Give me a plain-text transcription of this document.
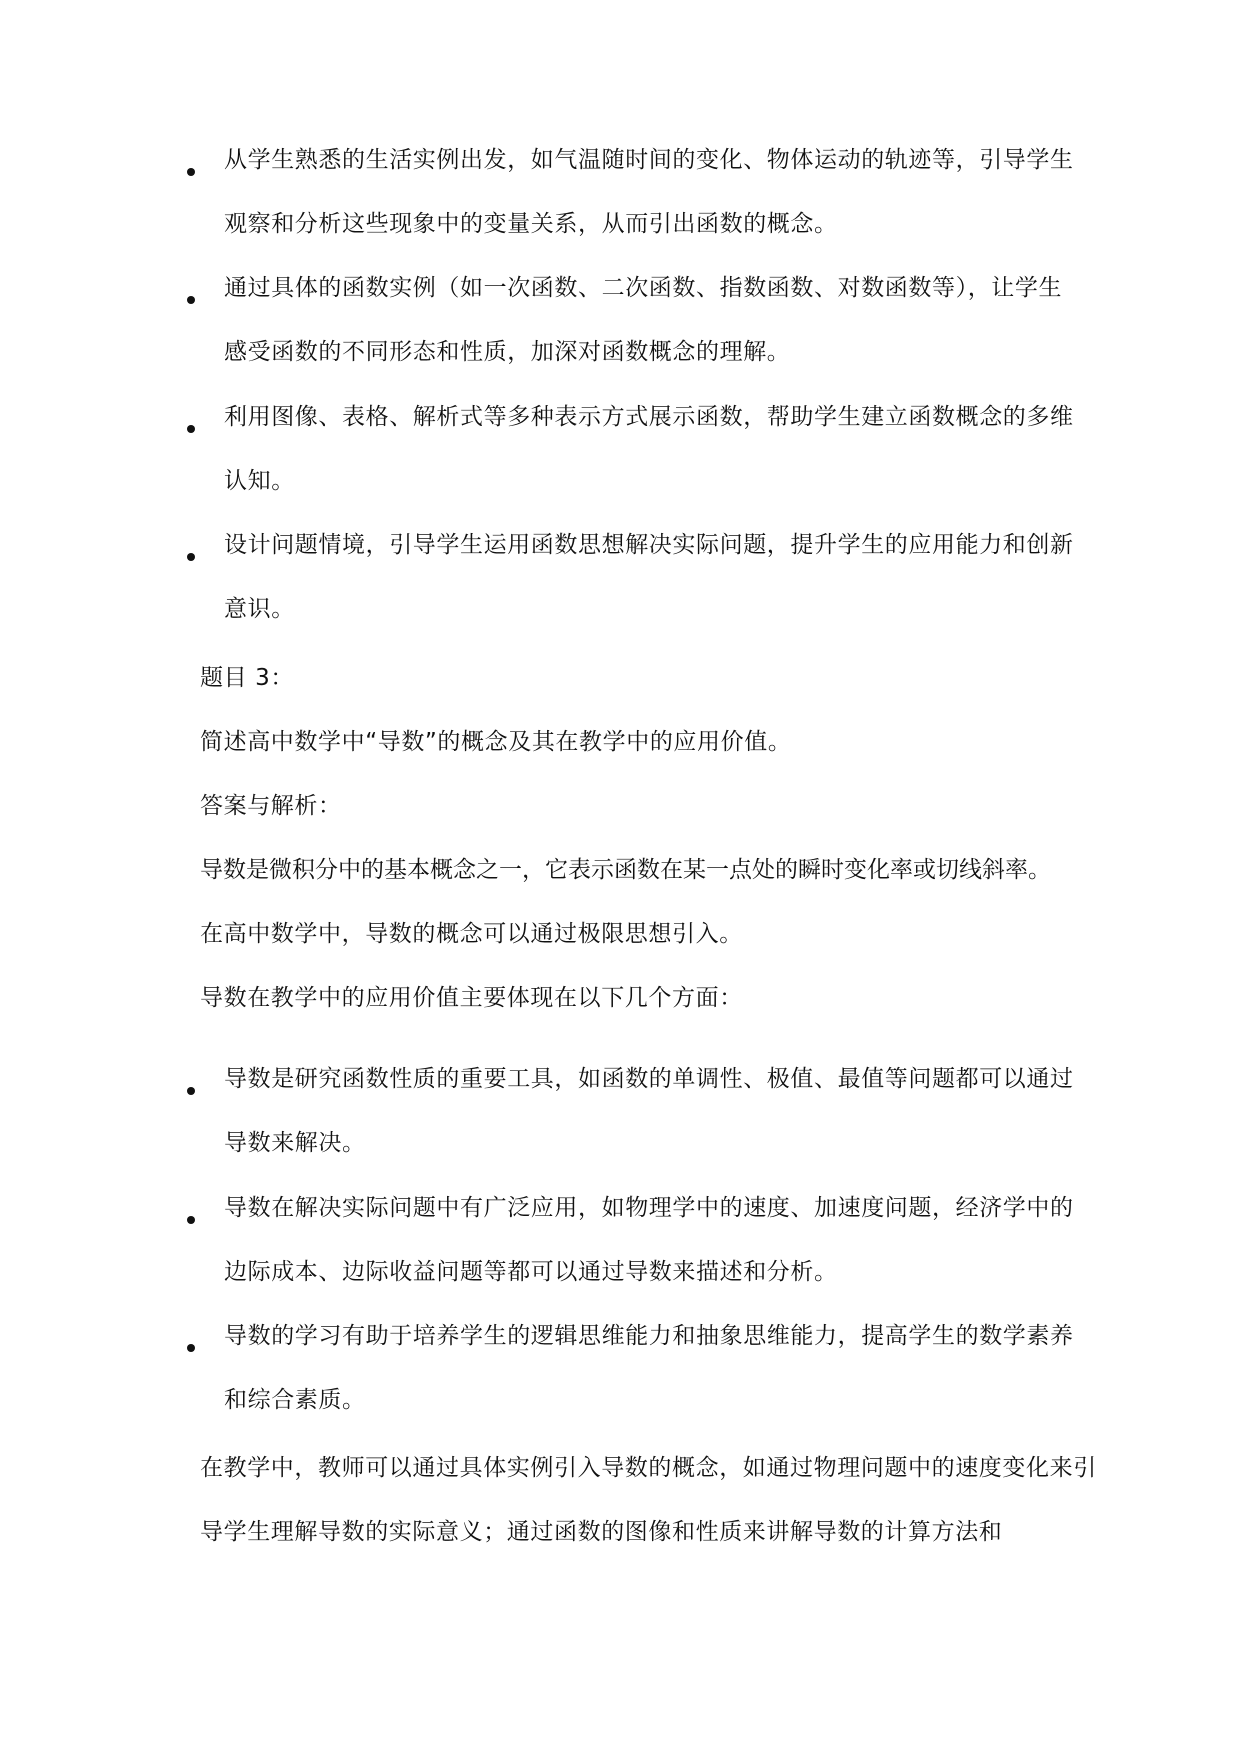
从学生熟悉的生活实例出发，如气温随时间的变化、物体运动的轨迹等，引导学生观察和分析这些现象中的变量关系，从而引出函数的概念。

通过具体的函数实例（如一次函数、二次函数、指数函数、对数函数等），让学生感受函数的不同形态和性质，加深对函数概念的理解。

利用图像、表格、解析式等多种表示方式展示函数，帮助学生建立函数概念的多维认知。

设计问题情境，引导学生运用函数思想解决实际问题，提升学生的应用能力和创新意识。

题目 3：

简述高中数学中“导数”的概念及其在教学中的应用价值。

答案与解析：

导数是微积分中的基本概念之一，它表示函数在某一点处的瞬时变化率或切线斜率。

在高中数学中，导数的概念可以通过极限思想引入。

导数在教学中的应用价值主要体现在以下几个方面：

导数是研究函数性质的重要工具，如函数的单调性、极值、最值等问题都可以通过导数来解决。

导数在解决实际问题中有广泛应用，如物理学中的速度、加速度问题，经济学中的边际成本、边际收益问题等都可以通过导数来描述和分析。

导数的学习有助于培养学生的逻辑思维能力和抽象思维能力，提高学生的数学素养和综合素质。

在教学中，教师可以通过具体实例引入导数的概念，如通过物理问题中的速度变化来引导学生理解导数的实际意义；通过函数的图像和性质来讲解导数的计算方法和
